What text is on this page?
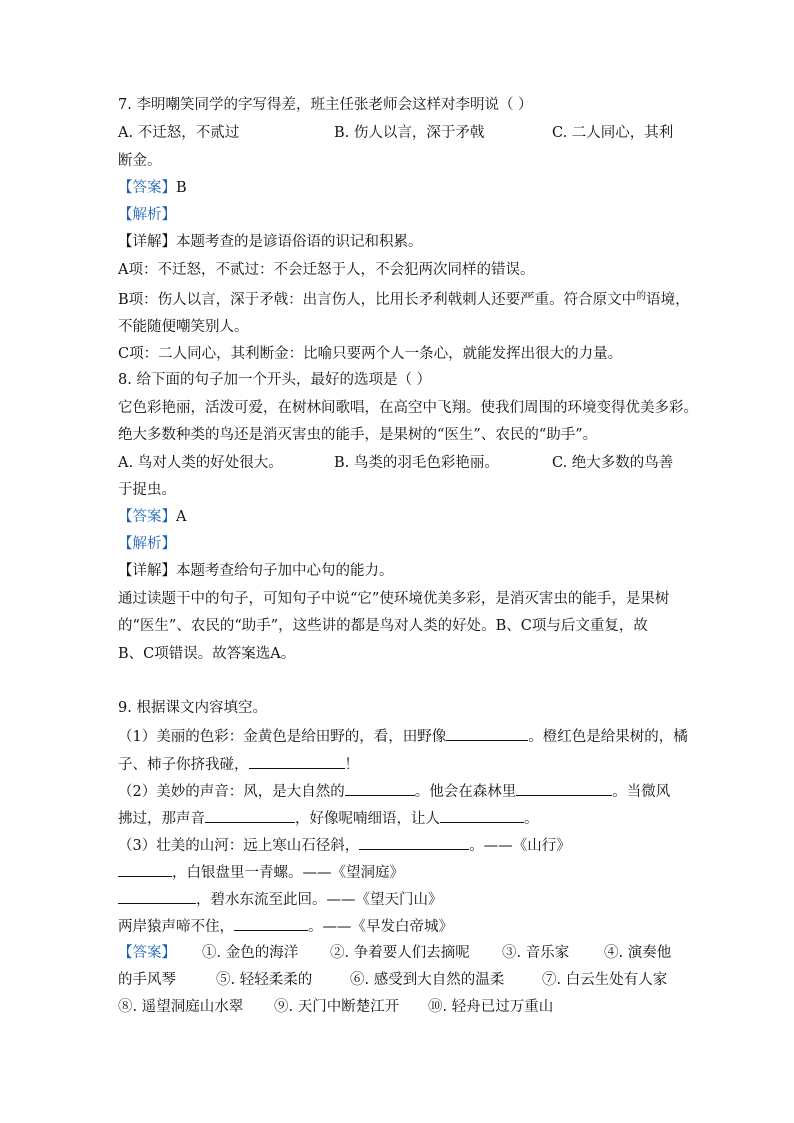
7. 李明嘲笑同学的字写得差，班主任张老师会这样对李明说（ ）
A. 不迁怒，不贰过	B. 伤人以言，深于矛戟	C. 二人同心，其利
断金。
【答案】B
【解析】
【详解】本题考查的是谚语俗语的识记和积累。
A项：不迁怒，不贰过：不会迁怒于人，不会犯两次同样的错误。
B项：伤人以言，深于矛戟：出言伤人，比用长矛利戟刺人还要严重。符合原文中$^的$语境，
不能随便嘲笑别人。
C项：二人同心，其利断金：比喻只要两个人一条心，就能发挥出很大的力量。
8. 给下面的句子加一个开头，最好的选项是（ ）
它色彩艳丽，活泼可爱，在树林间歌唱，在高空中飞翔。使我们周围的环境变得优美多彩。
绝大多数种类的鸟还是消灭害虫的能手，是果树的“医生”、农民的“助手”。
A. 鸟对人类的好处很大。	B. 鸟类的羽毛色彩艳丽。	C. 绝大多数的鸟善
于捉虫。
【答案】A
【解析】
【详解】本题考查给句子加中心句的能力。
通过读题干中的句子，可知句子中说“它”使环境优美多彩，是消灭害虫的能手，是果树
的“医生”、农民的“助手”，这些讲的都是鸟对人类的好处。B、C项与后文重复，故
B、C项错误。故答案选A。
9. 根据课文内容填空。
（1）美丽的色彩：金黄色是给田野的，看，田野像	。橙红色是给果树的，橘
子、柿子你挤我碰，	！
（2）美妙的声音：风，是大自然的	。他会在森林里	。当微风
拂过，那声音	，好像呢喃细语，让人	。
（3）壮美的山河：远上寒山石径斜，	。——《山行》
，白银盘里一青螺。——《望洞庭》
，碧水东流至此回。——《望天门山》
两岸猿声啼不住，	。——《早发白帝城》
【答案】 ①. 金色的海洋 ②. 争着要人们去摘呢 ③. 音乐家 ④. 演奏他
的手风琴	⑤. 轻轻柔柔的	⑥. 感受到大自然的温柔	⑦. 白云生处有人家
⑧. 遥望洞庭山水翠 ⑨. 天门中断楚江开 ⑩. 轻舟已过万重山
